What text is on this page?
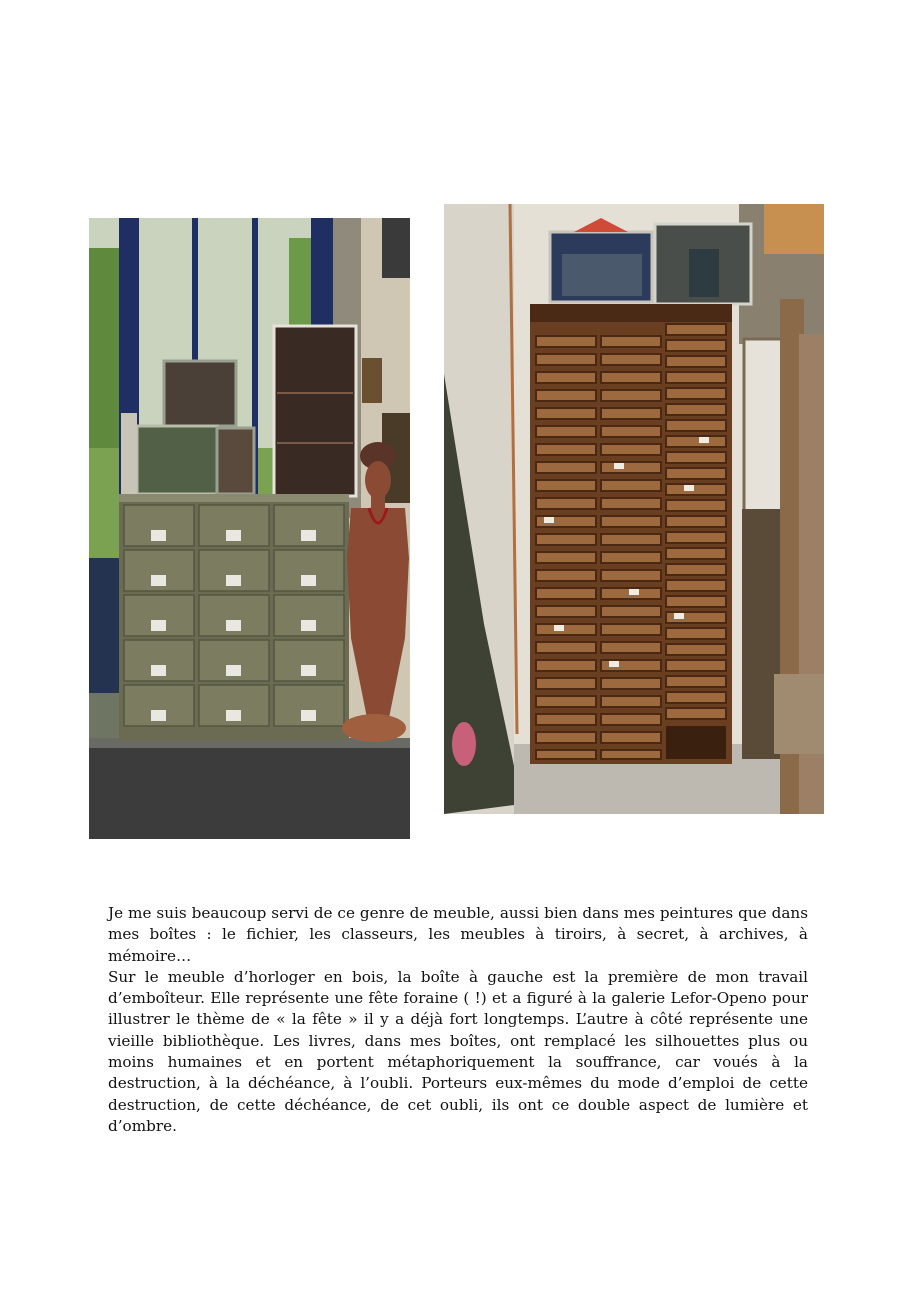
Je me suis beaucoup servi de ce genre de meuble, aussi bien dans mes peintures que dans mes boîtes : le fichier, les classeurs, les meubles à tiroirs, à secret, à archives, à mémoire…

Sur le meuble d’horloger en bois, la boîte à gauche est la première de mon travail d’emboîteur. Elle représente une fête foraine ( !) et a figuré à la galerie Lefor-Openo pour illustrer le thème de « la fête » il y a déjà fort longtemps. L’autre à côté représente une vieille bibliothèque. Les livres, dans mes boîtes, ont remplacé les silhouettes plus ou moins humaines et en portent métaphoriquement la souffrance, car voués à la destruction, à la déchéance, à l’oubli. Porteurs eux-mêmes du mode d’emploi de cette destruction, de cette déchéance, de cet oubli, ils ont ce double aspect de lumière et d’ombre.
